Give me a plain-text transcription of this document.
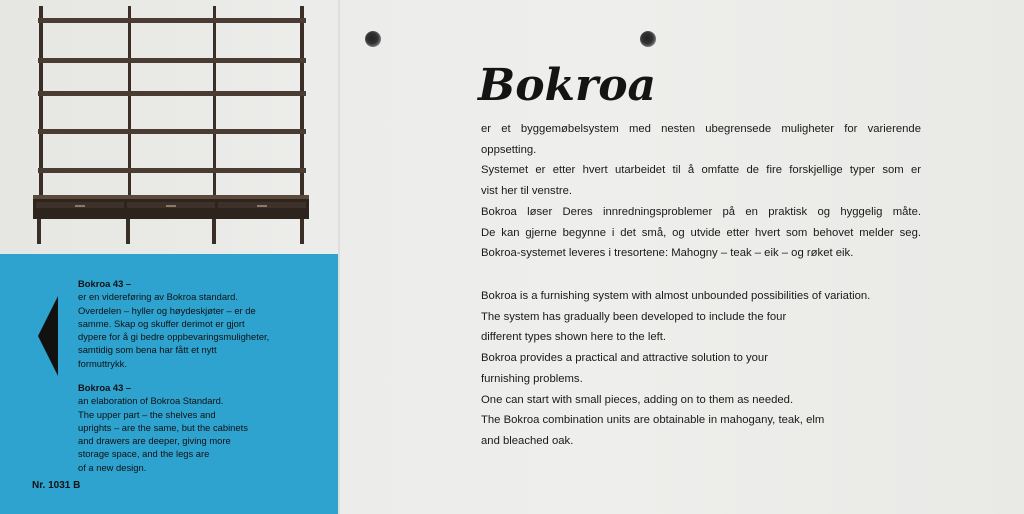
Bokroa 43 –
er en videreføring av Bokroa standard.
Overdelen – hyller og høydeskjøter – er de
samme. Skap og skuffer derimot er gjort
dypere for å gi bedre oppbevaringsmuligheter,
samtidig som bena har fått et nytt
formuttrykk.
Bokroa 43 –
an elaboration of Bokroa Standard.
The upper part – the shelves and
uprights – are the same, but the cabinets
and drawers are deeper, giving more
storage space, and the legs are
of a new design.
Nr. 1031 B
Bokroa

er et byggemøbelsystem med nesten ubegrensede muligheter for varierende

oppsetting.

Systemet er etter hvert utarbeidet til å omfatte de fire forskjellige typer som er

vist her til venstre.

Bokroa løser Deres innredningsproblemer på en praktisk og hyggelig måte.

De kan gjerne begynne i det små, og utvide etter hvert som behovet melder seg.

Bokroa-systemet leveres i tresortene: Mahogny – teak – eik – og røket eik.

Bokroa is a furnishing system with almost unbounded possibilities of variation.

The system has gradually been developed to include the four

different types shown here to the left.

Bokroa provides a practical and attractive solution to your

furnishing problems.

One can start with small pieces, adding on to them as needed.

The Bokroa combination units are obtainable in mahogany, teak, elm

and bleached oak.
